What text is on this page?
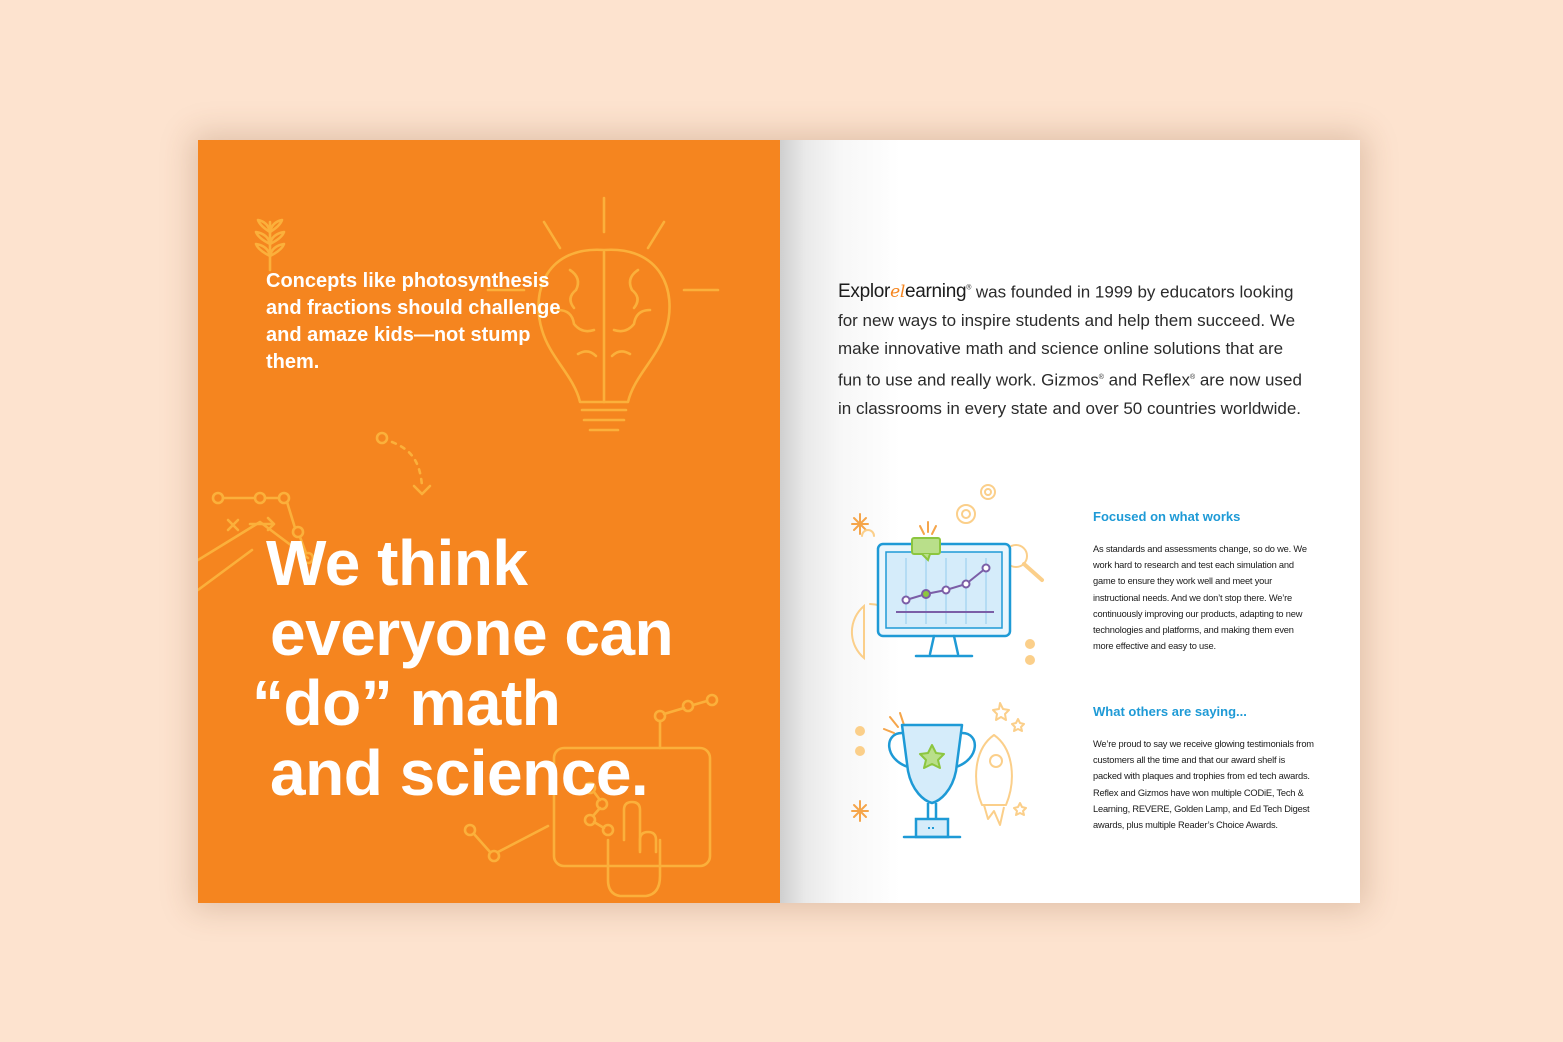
Concepts like photosynthesis and fractions should challenge and amaze kids—not stump them.

We think
everyone can
“do” math
and science.

Explorelearning® was founded in 1999 by educators looking for new ways to inspire students and help them succeed. We make innovative math and science online solutions that are fun to use and really work. Gizmos® and Reflex® are now used in classrooms in every state and over 50 countries worldwide.

Focused on what works

As standards and assessments change, so do we. We work hard to research and test each simulation and game to ensure they work well and meet your instructional needs. And we don’t stop there. We’re continuously improving our products, adapting to new technologies and platforms, and making them even more effective and easy to use.

What others are saying...

We’re proud to say we receive glowing testimonials from customers all the time and that our award shelf is packed with plaques and trophies from ed tech awards. Reflex and Gizmos have won multiple CODiE, Tech & Learning, REVERE, Golden Lamp, and Ed Tech Digest awards, plus multiple Reader’s Choice Awards.
